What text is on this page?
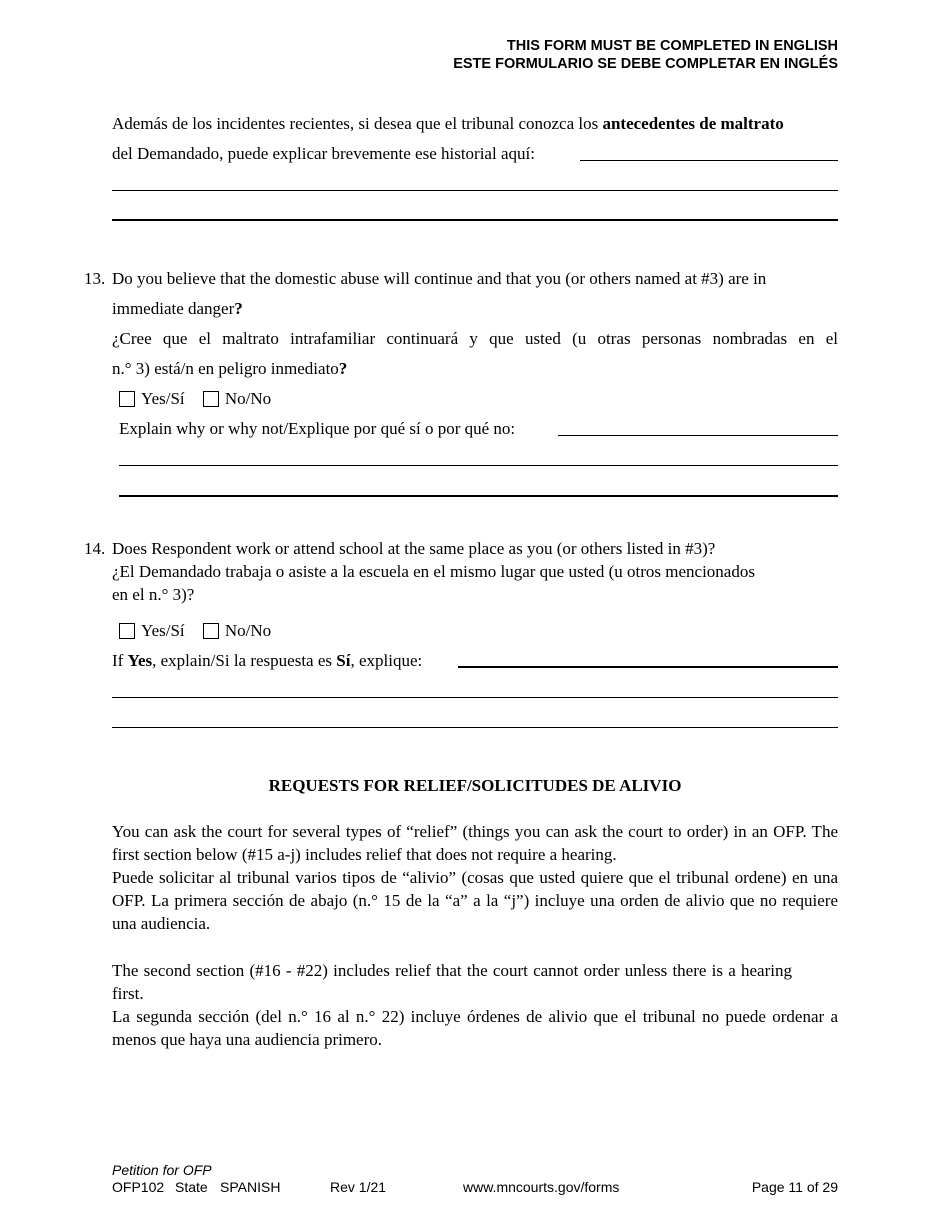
THIS FORM MUST BE COMPLETED IN ENGLISH
ESTE FORMULARIO SE DEBE COMPLETAR EN INGLÉS
Además de los incidentes recientes, si desea que el tribunal conozca los antecedentes de maltrato
del Demandado, puede explicar brevemente ese historial aquí:
13. Do you believe that the domestic abuse will continue and that you (or others named at #3) are in
immediate danger?
¿Cree que el maltrato intrafamiliar continuará y que usted (u otras personas nombradas en el
n.° 3) está/n en peligro inmediato?
Yes/Sí
No/No
Explain why or why not/Explique por qué sí o por qué no:
14. Does Respondent work or attend school at the same place as you (or others listed in #3)?
¿El Demandado trabaja o asiste a la escuela en el mismo lugar que usted (u otros mencionados
en el n.° 3)?
Yes/Sí
No/No
If Yes, explain/Si la respuesta es Sí, explique:
REQUESTS FOR RELIEF/SOLICITUDES DE ALIVIO
You can ask the court for several types of “relief” (things you can ask the court to order) in an OFP. The first section below (#15 a-j) includes relief that does not require a hearing.
Puede solicitar al tribunal varios tipos de “alivio” (cosas que usted quiere que el tribunal ordene) en una OFP. La primera sección de abajo (n.° 15 de la “a” a la “j”) incluye una orden de alivio que no requiere una audiencia.
The second section (#16 - #22) includes relief that the court cannot order unless there is a hearing first.
La segunda sección (del n.° 16 al n.° 22) incluye órdenes de alivio que el tribunal no puede ordenar a menos que haya una audiencia primero.
Petition for OFP
OFP102 State SPANISH	Rev 1/21	www.mncourts.gov/forms	Page 11 of 29
